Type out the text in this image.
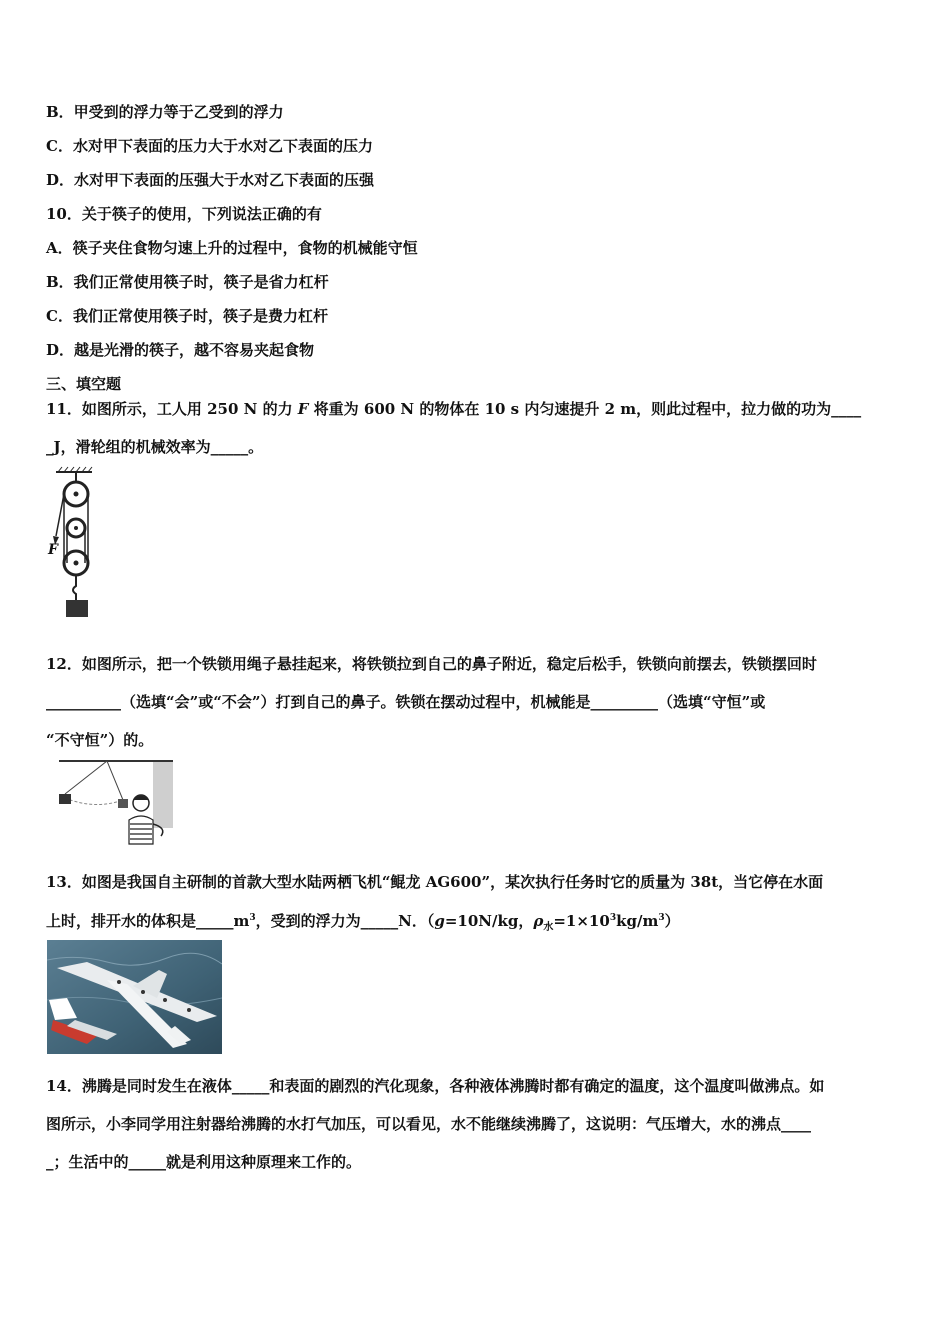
B．甲受到的浮力等于乙受到的浮力
C．水对甲下表面的压力大于水对乙下表面的压力
D．水对甲下表面的压强大于水对乙下表面的压强
10．关于筷子的使用，下列说法正确的有
A．筷子夹住食物匀速上升的过程中，食物的机械能守恒
B．我们正常使用筷子时，筷子是省力杠杆
C．我们正常使用筷子时，筷子是费力杠杆
D．越是光滑的筷子，越不容易夹起食物
三、填空题
11．如图所示，工人用 250 N 的力 F 将重为 600 N 的物体在 10 s 内匀速提升 2 m，则此过程中，拉力做的功为____
_J，滑轮组的机械效率为_____。
F
12．如图所示，把一个铁锁用绳子悬挂起来，将铁锁拉到自己的鼻子附近，稳定后松手，铁锁向前摆去，铁锁摆回时
__________（选填“会”或“不会”）打到自己的鼻子。铁锁在摆动过程中，机械能是_________（选填“守恒”或
“不守恒”）的。
13．如图是我国自主研制的首款大型水陆两栖飞机“鲲龙 AG600”，某次执行任务时它的质量为 38t，当它停在水面
上时，排开水的体积是$\_\_\_\_\_m^3$，受到的浮力为_____N．（g=10N/kg，$\rho_水=1\times 10^3kg/m^3$）
14．沸腾是同时发生在液体_____和表面的剧烈的汽化现象，各种液体沸腾时都有确定的温度，这个温度叫做沸点。如
图所示，小李同学用注射器给沸腾的水打气加压，可以看见，水不能继续沸腾了，这说明：气压增大，水的沸点____
_；生活中的_____就是利用这种原理来工作的。
